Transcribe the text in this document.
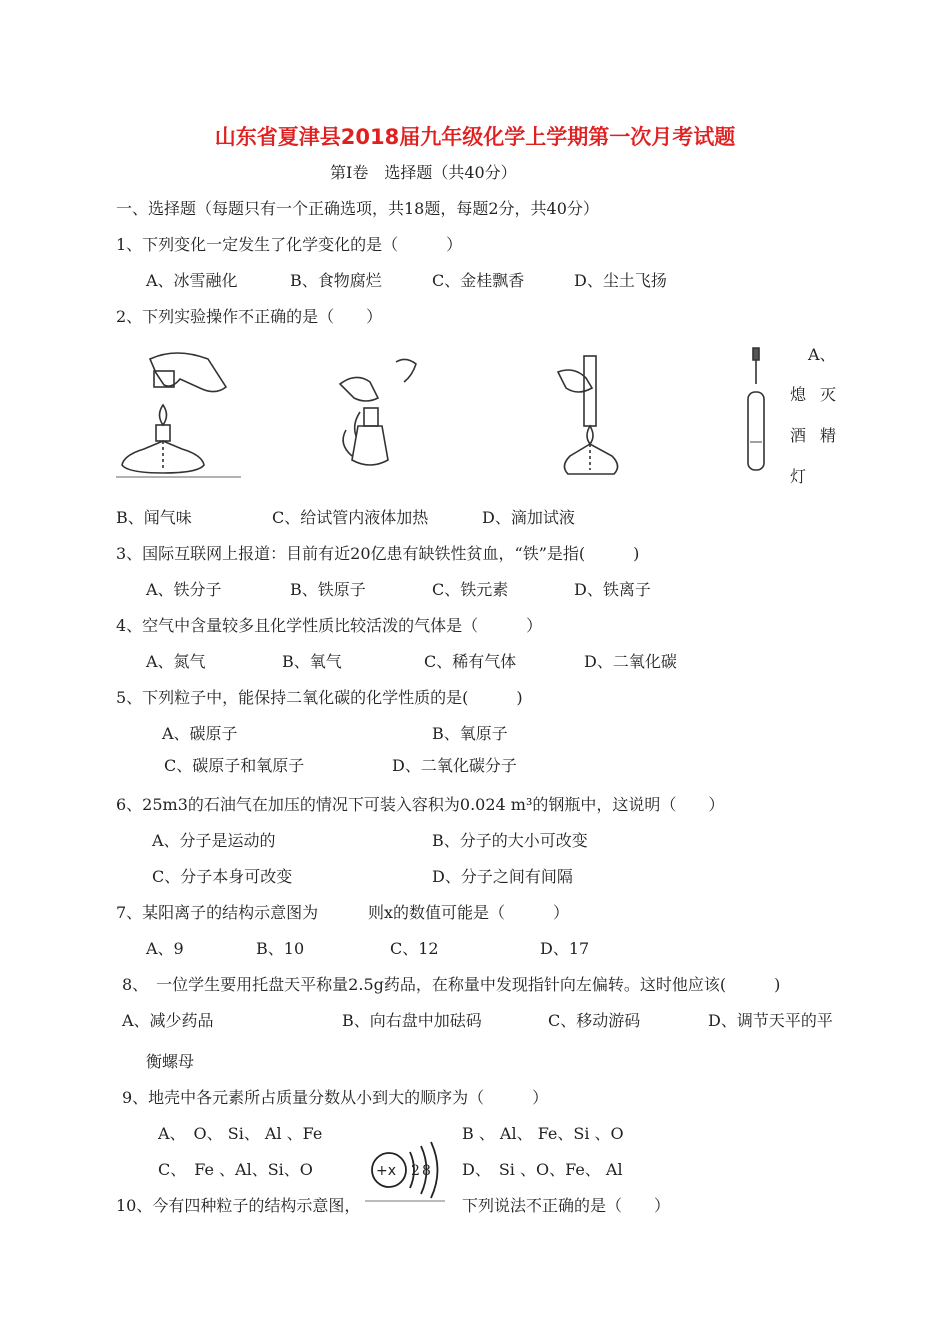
山东省夏津县2018届九年级化学上学期第一次月考试题
第Ⅰ卷　选择题（共40分）
一、选择题（每题只有一个正确选项，共18题，每题2分，共40分）
1、下列变化一定发生了化学变化的是（　　　）
A、冰雪融化	B、食物腐烂	C、金桂飘香	D、尘土飞扬
2、下列实验操作不正确的是（　　）
A、
熄 灭
酒 精
灯
B、闻气味	C、给试管内液体加热	D、滴加试液
3、国际互联网上报道：目前有近20亿患有缺铁性贫血，“铁”是指(　　　)
A、铁分子	B、铁原子	C、铁元素	D、铁离子
4、空气中含量较多且化学性质比较活泼的气体是（　　　）
A、氮气	B、氧气	C、稀有气体	D、二氧化碳
5、下列粒子中，能保持二氧化碳的化学性质的是(　　　)
A、碳原子	B、氧原子
C、碳原子和氧原子	D、二氧化碳分子
6、25m3的石油气在加压的情况下可装入容积为0.024 m³的钢瓶中，这说明（　　）
A、分子是运动的	B、分子的大小可改变
C、分子本身可改变	D、分子之间有间隔
7、某阳离子的结构示意图为	则x的数值可能是（　　　）
A、9	B、10	C、12	D、17
8、　一位学生要用托盘天平称量2.5g药品，在称量中发现指针向左偏转。这时他应该(　　　)
A、减少药品	B、向右盘中加砝码	C、移动游码	D、调节天平的平
衡螺母
9、地壳中各元素所占质量分数从小到大的顺序为（　　　）
A、　O、 Si、 Al 、Fe	B 、 Al、 Fe、Si 、O
C、　Fe 、Al、Si、O	D、　Si 、O、Fe、 Al
+x 2 8
10、今有四种粒子的结构示意图，	下列说法不正确的是（　　）
